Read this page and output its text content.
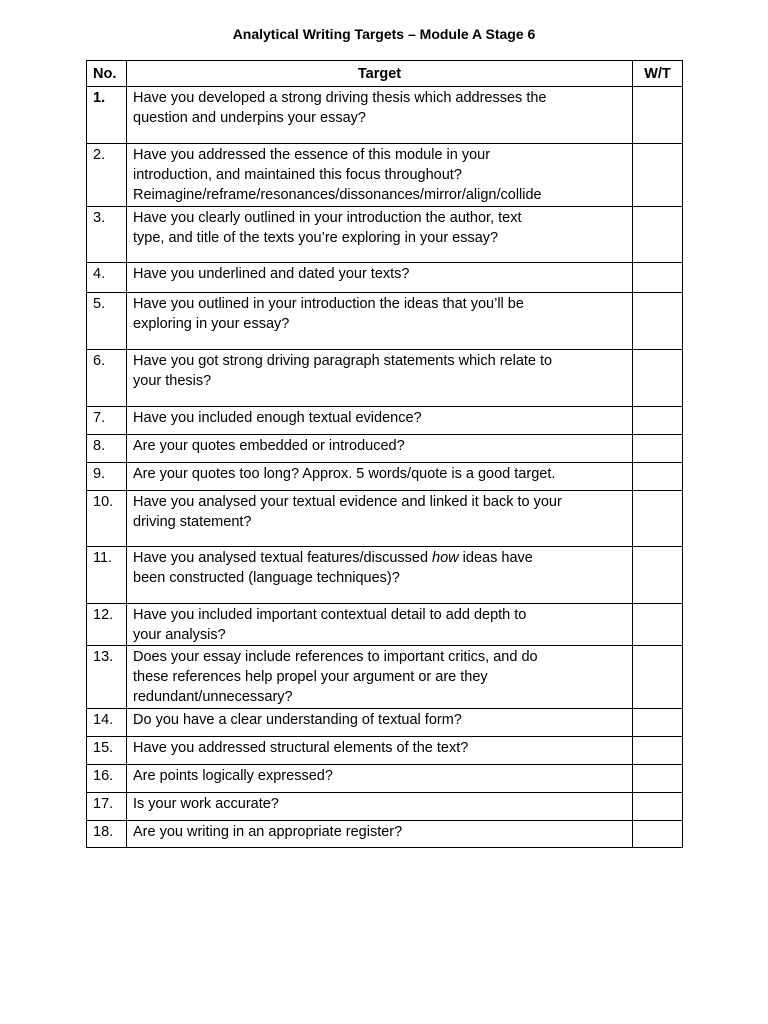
Analytical Writing Targets – Module A Stage 6
No.	Target	W/T
1.	Have you developed a strong driving thesis which addresses the
question and underpins your essay?	

2.	Have you addressed the essence of this module in your
introduction, and maintained this focus throughout?
Reimagine/reframe/resonances/dissonances/mirror/align/collide	

3.	Have you clearly outlined in your introduction the author, text
type, and title of the texts you’re exploring in your essay?	

4.	Have you underlined and dated your texts?	

5.	Have you outlined in your introduction the ideas that you’ll be
exploring in your essay?	

6.	Have you got strong driving paragraph statements which relate to
your thesis?	

7.	Have you included enough textual evidence?	

8.	Are your quotes embedded or introduced?	

9.	Are your quotes too long? Approx. 5 words/quote is a good target.	

10.	Have you analysed your textual evidence and linked it back to your
driving statement?	

11.	Have you analysed textual features/discussed how ideas have
been constructed (language techniques)?	

12.	Have you included important contextual detail to add depth to
your analysis?	

13.	Does your essay include references to important critics, and do
these references help propel your argument or are they
redundant/unnecessary?	

14.	Do you have a clear understanding of textual form?	

15.	Have you addressed structural elements of the text?	

16.	Are points logically expressed?	

17.	Is your work accurate?	

18.	Are you writing in an appropriate register?	
